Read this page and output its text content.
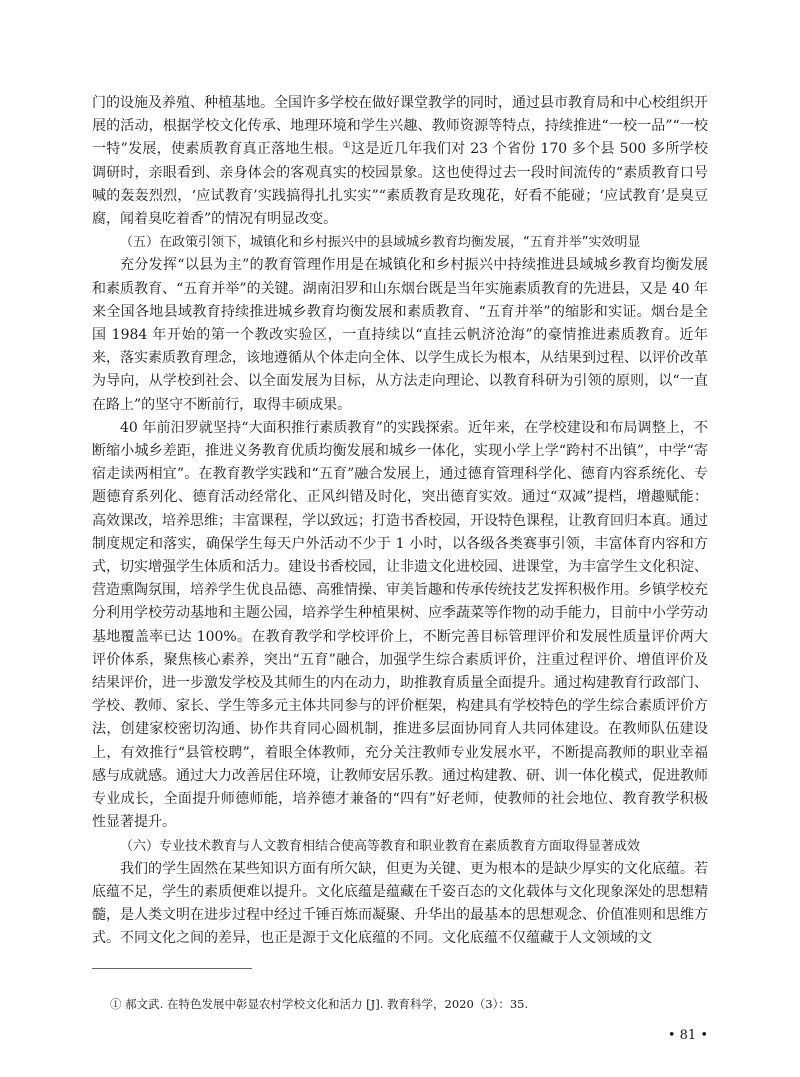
门的设施及养殖、种植基地。全国许多学校在做好课堂教学的同时，通过县市教育局和中心校组织开展的活动，根据学校文化传承、地理环境和学生兴趣、教师资源等特点，持续推进“一校一品”“一校一特”发展，使素质教育真正落地生根。①这是近几年我们对 23 个省份 170 多个县 500 多所学校调研时，亲眼看到、亲身体会的客观真实的校园景象。这也使得过去一段时间流传的“素质教育口号喊的轰轰烈烈，‘应试教育’实践搞得扎扎实实”“素质教育是玫瑰花，好看不能碰；‘应试教育’是臭豆腐，闻着臭吃着香”的情况有明显改变。

（五）在政策引领下，城镇化和乡村振兴中的县域城乡教育均衡发展，“五育并举”实效明显

充分发挥“以县为主”的教育管理作用是在城镇化和乡村振兴中持续推进县域城乡教育均衡发展和素质教育、“五育并举”的关键。湖南汨罗和山东烟台既是当年实施素质教育的先进县，又是 40 年来全国各地县域教育持续推进城乡教育均衡发展和素质教育、“五育并举”的缩影和实证。烟台是全国 1984 年开始的第一个教改实验区，一直持续以“直挂云帆济沧海”的豪情推进素质教育。近年来，落实素质教育理念，该地遵循从个体走向全体、以学生成长为根本，从结果到过程、以评价改革为导向，从学校到社会、以全面发展为目标，从方法走向理论、以教育科研为引领的原则，以“一直在路上”的坚守不断前行，取得丰硕成果。

40 年前汨罗就坚持“大面积推行素质教育”的实践探索。近年来，在学校建设和布局调整上，不断缩小城乡差距，推进义务教育优质均衡发展和城乡一体化，实现小学上学“跨村不出镇”，中学“寄宿走读两相宜”。在教育教学实践和“五育”融合发展上，通过德育管理科学化、德育内容系统化、专题德育系列化、德育活动经常化、正风纠错及时化，突出德育实效。通过“双减”提档，增趣赋能：高效课改，培养思维；丰富课程，学以致远；打造书香校园，开设特色课程，让教育回归本真。通过制度规定和落实，确保学生每天户外活动不少于 1 小时，以各级各类赛事引领，丰富体育内容和方式，切实增强学生体质和活力。建设书香校园，让非遗文化进校园、进课堂，为丰富学生文化积淀、营造熏陶氛围，培养学生优良品德、高雅情操、审美旨趣和传承传统技艺发挥积极作用。乡镇学校充分利用学校劳动基地和主题公园，培养学生种植果树、应季蔬菜等作物的动手能力，目前中小学劳动基地覆盖率已达 100%。在教育教学和学校评价上，不断完善目标管理评价和发展性质量评价两大评价体系，聚焦核心素养，突出“五育”融合，加强学生综合素质评价，注重过程评价、增值评价及结果评价，进一步激发学校及其师生的内在动力，助推教育质量全面提升。通过构建教育行政部门、学校、教师、家长、学生等多元主体共同参与的评价框架，构建具有学校特色的学生综合素质评价方法，创建家校密切沟通、协作共育同心圆机制，推进多层面协同育人共同体建设。在教师队伍建设上，有效推行“县管校聘”，着眼全体教师，充分关注教师专业发展水平，不断提高教师的职业幸福感与成就感。通过大力改善居住环境，让教师安居乐教。通过构建教、研、训一体化模式，促进教师专业成长，全面提升师德师能，培养德才兼备的“四有”好老师，使教师的社会地位、教育教学积极性显著提升。

（六）专业技术教育与人文教育相结合使高等教育和职业教育在素质教育方面取得显著成效

我们的学生固然在某些知识方面有所欠缺，但更为关键、更为根本的是缺少厚实的文化底蕴。若底蕴不足，学生的素质便难以提升。文化底蕴是蕴藏在千姿百态的文化载体与文化现象深处的思想精髓，是人类文明在进步过程中经过千锤百炼而凝聚、升华出的最基本的思想观念、价值准则和思维方式。不同文化之间的差异，也正是源于文化底蕴的不同。文化底蕴不仅蕴藏于人文领域的文

① 郝文武. 在特色发展中彰显农村学校文化和活力 [J]. 教育科学，2020（3）：35.
• 81 •
